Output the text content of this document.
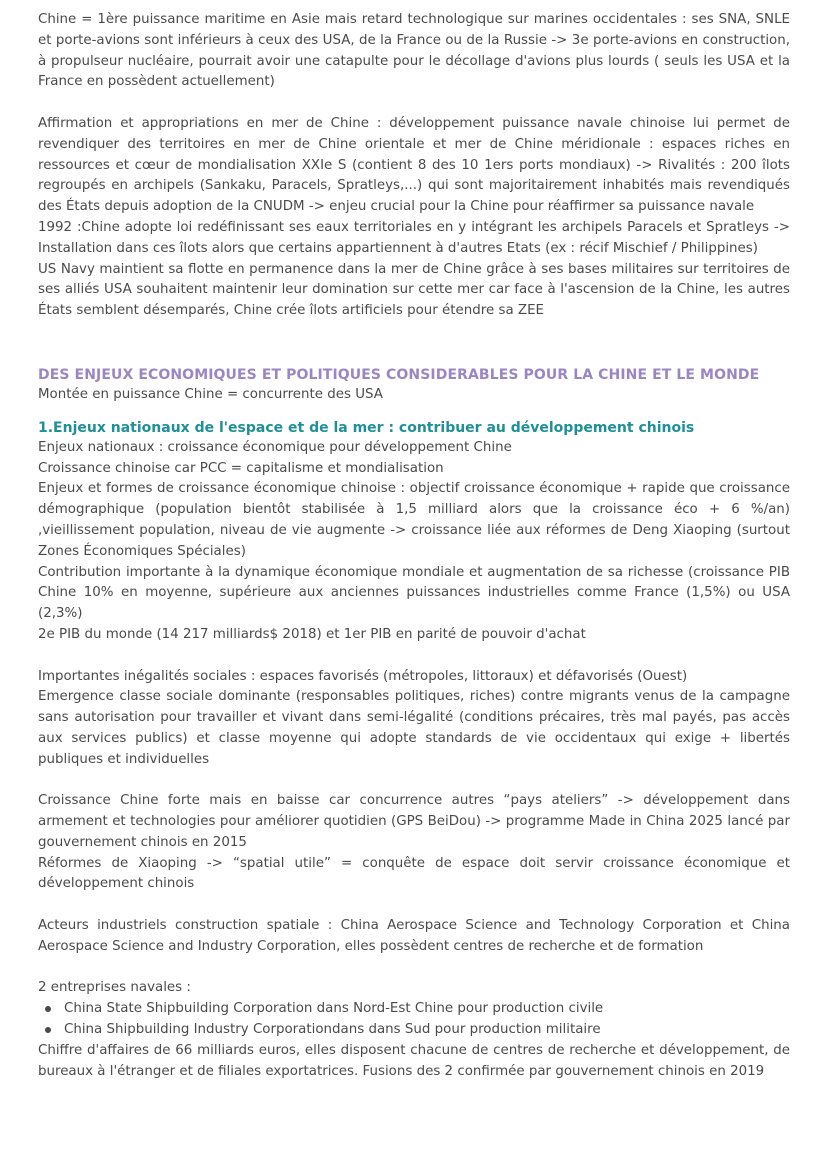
Chine = 1ère puissance maritime en Asie mais retard technologique sur marines occidentales : ses SNA, SNLE et porte-avions sont inférieurs à ceux des USA, de la France ou de la Russie -> 3e porte-avions en construction, à propulseur nucléaire, pourrait avoir une catapulte pour le décollage d'avions plus lourds ( seuls les USA et la France en possèdent actuellement)

Affirmation et appropriations en mer de Chine : développement puissance navale chinoise lui permet de revendiquer des territoires en mer de Chine orientale et mer de Chine méridionale : espaces riches en ressources et cœur de mondialisation XXIe S (contient 8 des 10 1ers ports mondiaux) -> Rivalités : 200 îlots regroupés en archipels (Sankaku, Paracels, Spratleys,...) qui sont majoritairement inhabités mais revendiqués des États depuis adoption de la CNUDM -> enjeu crucial pour la Chine pour réaffirmer sa puissance navale

1992 :Chine adopte loi redéfinissant ses eaux territoriales en y intégrant les archipels Paracels et Spratleys -> Installation dans ces îlots alors que certains appartiennent à d'autres Etats (ex : récif Mischief / Philippines)

US Navy maintient sa flotte en permanence dans la mer de Chine grâce à ses bases militaires sur territoires de ses alliés USA souhaitent maintenir leur domination sur cette mer car face à l'ascension de la Chine, les autres États semblent désemparés, Chine crée îlots artificiels pour étendre sa ZEE

DES ENJEUX ECONOMIQUES ET POLITIQUES CONSIDERABLES POUR LA CHINE ET LE MONDE

Montée en puissance Chine = concurrente des USA

1.Enjeux nationaux de l'espace et de la mer : contribuer au développement chinois

Enjeux nationaux : croissance économique pour développement Chine

Croissance chinoise car PCC = capitalisme et mondialisation

Enjeux et formes de croissance économique chinoise : objectif croissance économique + rapide que croissance démographique (population bientôt stabilisée à 1,5 milliard alors que la croissance éco + 6 %/an) ,vieillissement population, niveau de vie augmente -> croissance liée aux réformes de Deng Xiaoping (surtout Zones Économiques Spéciales)

Contribution importante à la dynamique économique mondiale et augmentation de sa richesse (croissance PIB Chine 10% en moyenne, supérieure aux anciennes puissances industrielles comme France (1,5%) ou USA (2,3%)

2e PIB du monde (14 217 milliards$ 2018) et 1er PIB en parité de pouvoir d'achat

Importantes inégalités sociales : espaces favorisés (métropoles, littoraux) et défavorisés (Ouest)

Emergence classe sociale dominante (responsables politiques, riches) contre migrants venus de la campagne sans autorisation pour travailler et vivant dans semi-légalité (conditions précaires, très mal payés, pas accès aux services publics) et classe moyenne qui adopte standards de vie occidentaux qui exige + libertés publiques et individuelles

Croissance Chine forte mais en baisse car concurrence autres “pays ateliers” -> développement dans armement et technologies pour améliorer quotidien (GPS BeiDou) -> programme Made in China 2025 lancé par gouvernement chinois en 2015

Réformes de Xiaoping -> “spatial utile” = conquête de espace doit servir croissance économique et développement chinois

Acteurs industriels construction spatiale : China Aerospace Science and Technology Corporation et China Aerospace Science and Industry Corporation, elles possèdent centres de recherche et de formation

2 entreprises navales :

China State Shipbuilding Corporation dans Nord-Est Chine pour production civile
China Shipbuilding Industry Corporationdans dans Sud pour production militaire

Chiffre d'affaires de 66 milliards euros, elles disposent chacune de centres de recherche et développement, de bureaux à l'étranger et de filiales exportatrices. Fusions des 2 confirmée par gouvernement chinois en 2019
